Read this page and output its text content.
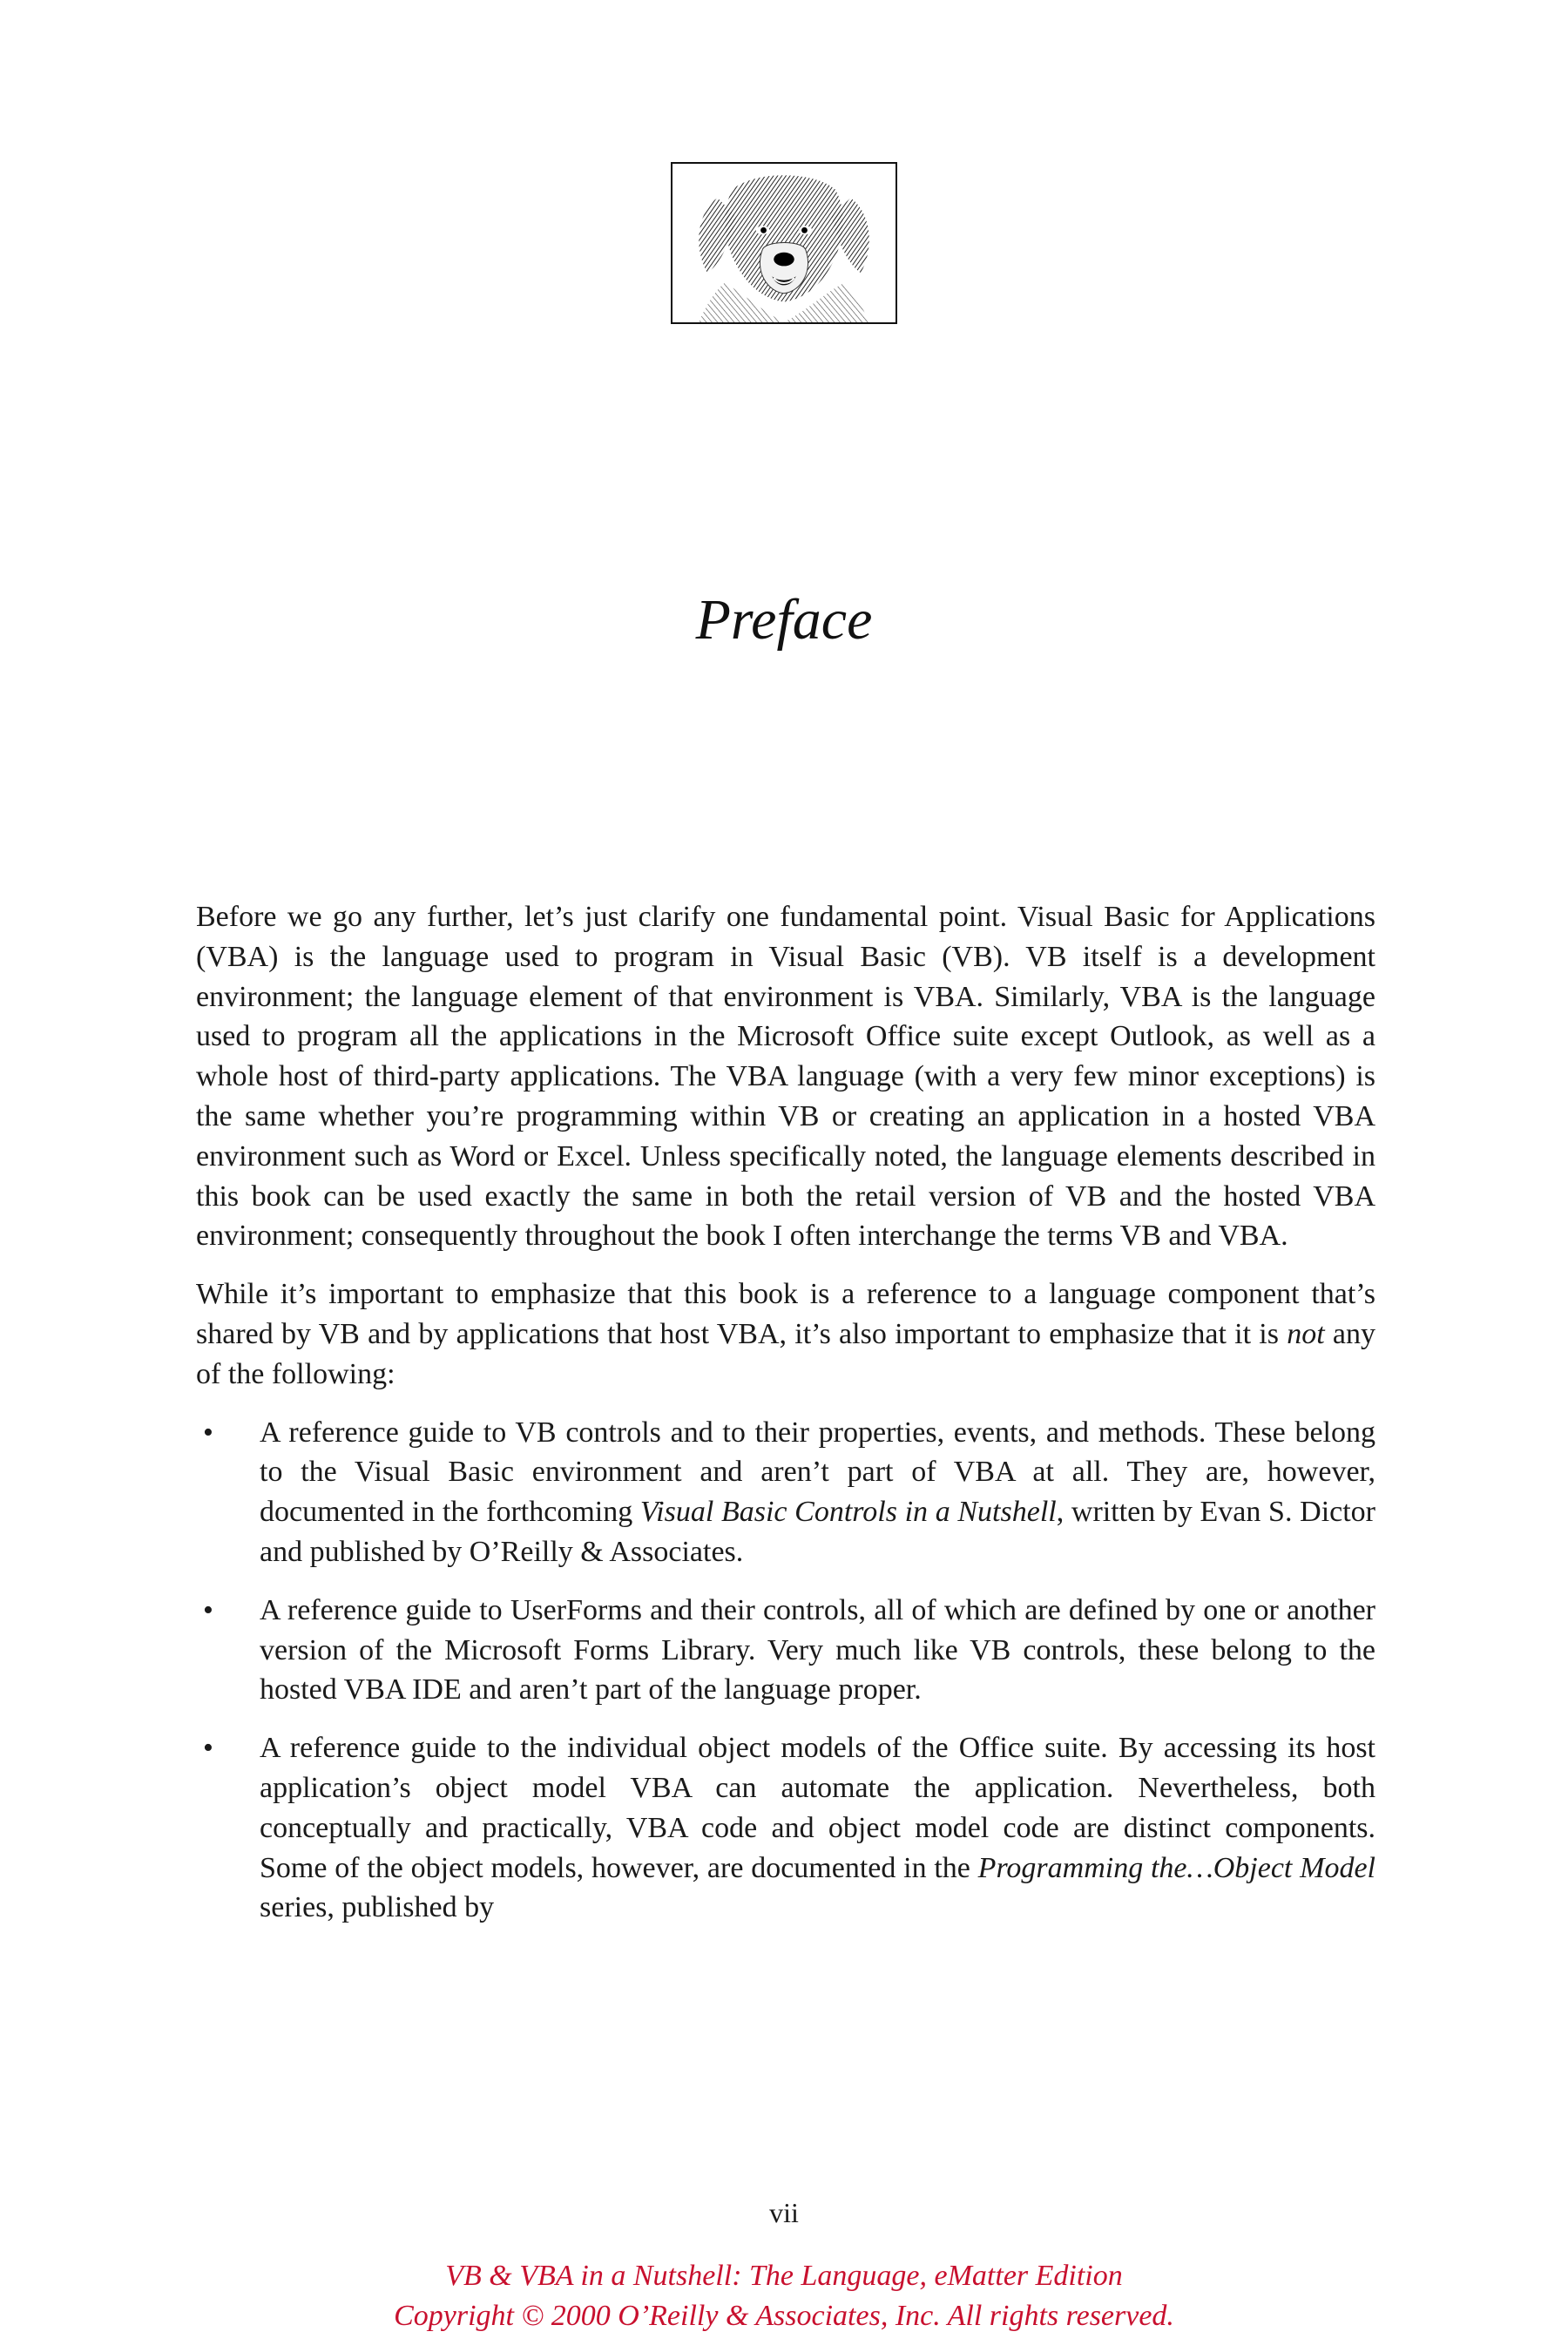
Preface

Before we go any further, let’s just clarify one fundamental point. Visual Basic for Applications (VBA) is the language used to program in Visual Basic (VB). VB itself is a development environment; the language element of that environment is VBA. Similarly, VBA is the language used to program all the applications in the Microsoft Office suite except Outlook, as well as a whole host of third-party applications. The VBA language (with a very few minor exceptions) is the same whether you’re programming within VB or creating an application in a hosted VBA environment such as Word or Excel. Unless specifically noted, the language elements described in this book can be used exactly the same in both the retail version of VB and the hosted VBA environment; consequently throughout the book I often interchange the terms VB and VBA.

While it’s important to emphasize that this book is a reference to a language component that’s shared by VB and by applications that host VBA, it’s also important to emphasize that it is not any of the following:

• A reference guide to VB controls and to their properties, events, and methods. These belong to the Visual Basic environment and aren’t part of VBA at all. They are, however, documented in the forthcoming Visual Basic Controls in a Nutshell, written by Evan S. Dictor and published by O’Reilly & Associates.
• A reference guide to UserForms and their controls, all of which are defined by one or another version of the Microsoft Forms Library. Very much like VB controls, these belong to the hosted VBA IDE and aren’t part of the language proper.
• A reference guide to the individual object models of the Office suite. By accessing its host application’s object model VBA can automate the application. Nevertheless, both conceptually and practically, VBA code and object model code are distinct components. Some of the object models, however, are documented in the Programming the…Object Model series, published by
vii
VB & VBA in a Nutshell: The Language, eMatter Edition
Copyright © 2000 O’Reilly & Associates, Inc. All rights reserved.
